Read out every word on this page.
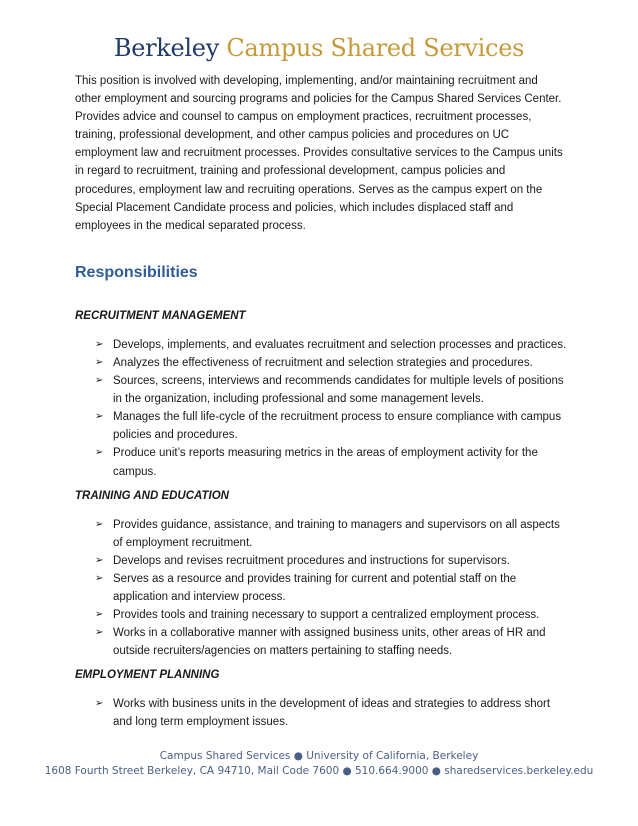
Berkeley Campus Shared Services

This position is involved with developing, implementing, and/or maintaining recruitment and other employment and sourcing programs and policies for the Campus Shared Services Center. Provides advice and counsel to campus on employment practices, recruitment processes, training, professional development, and other campus policies and procedures on UC employment law and recruitment processes. Provides consultative services to the Campus units in regard to recruitment, training and professional development, campus policies and procedures, employment law and recruiting operations. Serves as the campus expert on the Special Placement Candidate process and policies, which includes displaced staff and employees in the medical separated process.

Responsibilities

RECRUITMENT MANAGEMENT

➢ Develops, implements, and evaluates recruitment and selection processes and practices.
➢ Analyzes the effectiveness of recruitment and selection strategies and procedures.
➢ Sources, screens, interviews and recommends candidates for multiple levels of positions in the organization, including professional and some management levels.
➢ Manages the full life-cycle of the recruitment process to ensure compliance with campus policies and procedures.
➢ Produce unit’s reports measuring metrics in the areas of employment activity for the campus.

TRAINING AND EDUCATION

➢ Provides guidance, assistance, and training to managers and supervisors on all aspects of employment recruitment.
➢ Develops and revises recruitment procedures and instructions for supervisors.
➢ Serves as a resource and provides training for current and potential staff on the application and interview process.
➢ Provides tools and training necessary to support a centralized employment process.
➢ Works in a collaborative manner with assigned business units, other areas of HR and outside recruiters/agencies on matters pertaining to staffing needs.

EMPLOYMENT PLANNING

➢ Works with business units in the development of ideas and strategies to address short and long term employment issues.
Campus Shared Services ● University of California, Berkeley
1608 Fourth Street Berkeley, CA 94710, Mail Code 7600 ● 510.664.9000 ● sharedservices.berkeley.edu
